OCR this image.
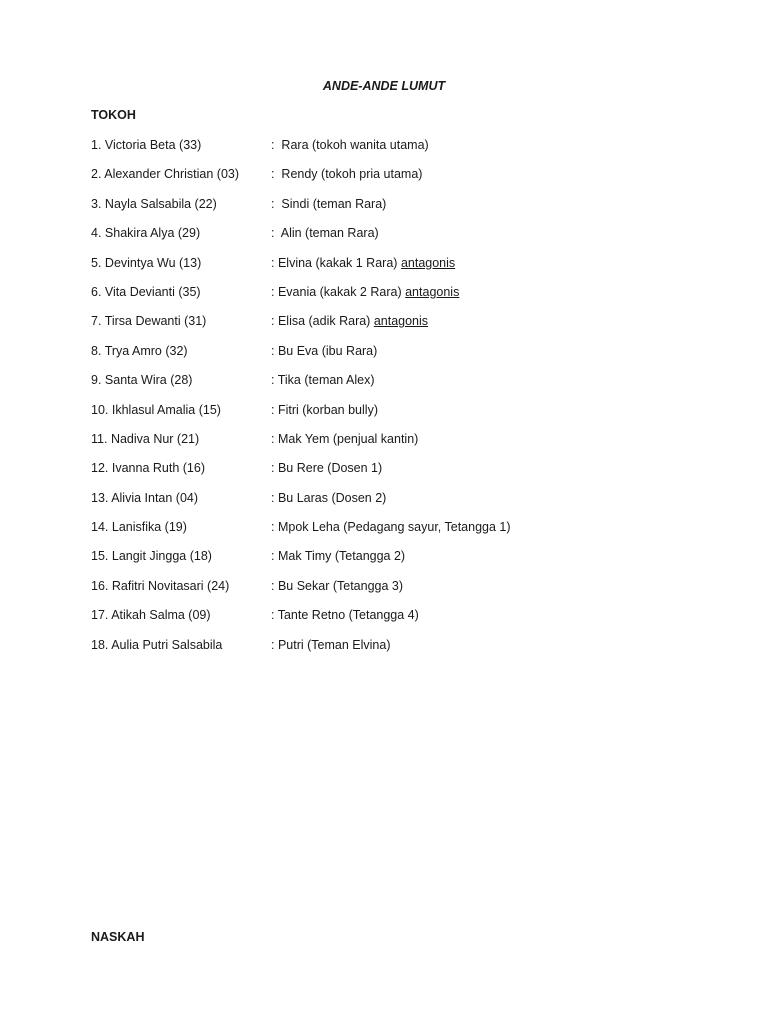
ANDE-ANDE LUMUT
TOKOH
1. Victoria Beta (33)	:  Rara (tokoh wanita utama)
2. Alexander Christian (03)	:  Rendy (tokoh pria utama)
3. Nayla Salsabila (22)	:  Sindi (teman Rara)
4. Shakira Alya (29)	:  Alin (teman Rara)
5. Devintya Wu (13)	: Elvina (kakak 1 Rara) antagonis
6. Vita Devianti (35)	: Evania (kakak 2 Rara) antagonis
7. Tirsa Dewanti (31)	: Elisa (adik Rara) antagonis
8. Trya Amro (32)	: Bu Eva (ibu Rara)
9. Santa Wira (28)	: Tika (teman Alex)
10. Ikhlasul Amalia (15)	: Fitri (korban bully)
11. Nadiva Nur (21)	: Mak Yem (penjual kantin)
12. Ivanna Ruth (16)	: Bu Rere (Dosen 1)
13. Alivia Intan (04)	: Bu Laras (Dosen 2)
14. Lanisfika (19)	: Mpok Leha (Pedagang sayur, Tetangga 1)
15. Langit Jingga (18)	: Mak Timy (Tetangga 2)
16. Rafitri Novitasari (24)	: Bu Sekar (Tetangga 3)
17. Atikah Salma (09)	: Tante Retno (Tetangga 4)
18. Aulia Putri Salsabila	: Putri (Teman Elvina)
NASKAH
